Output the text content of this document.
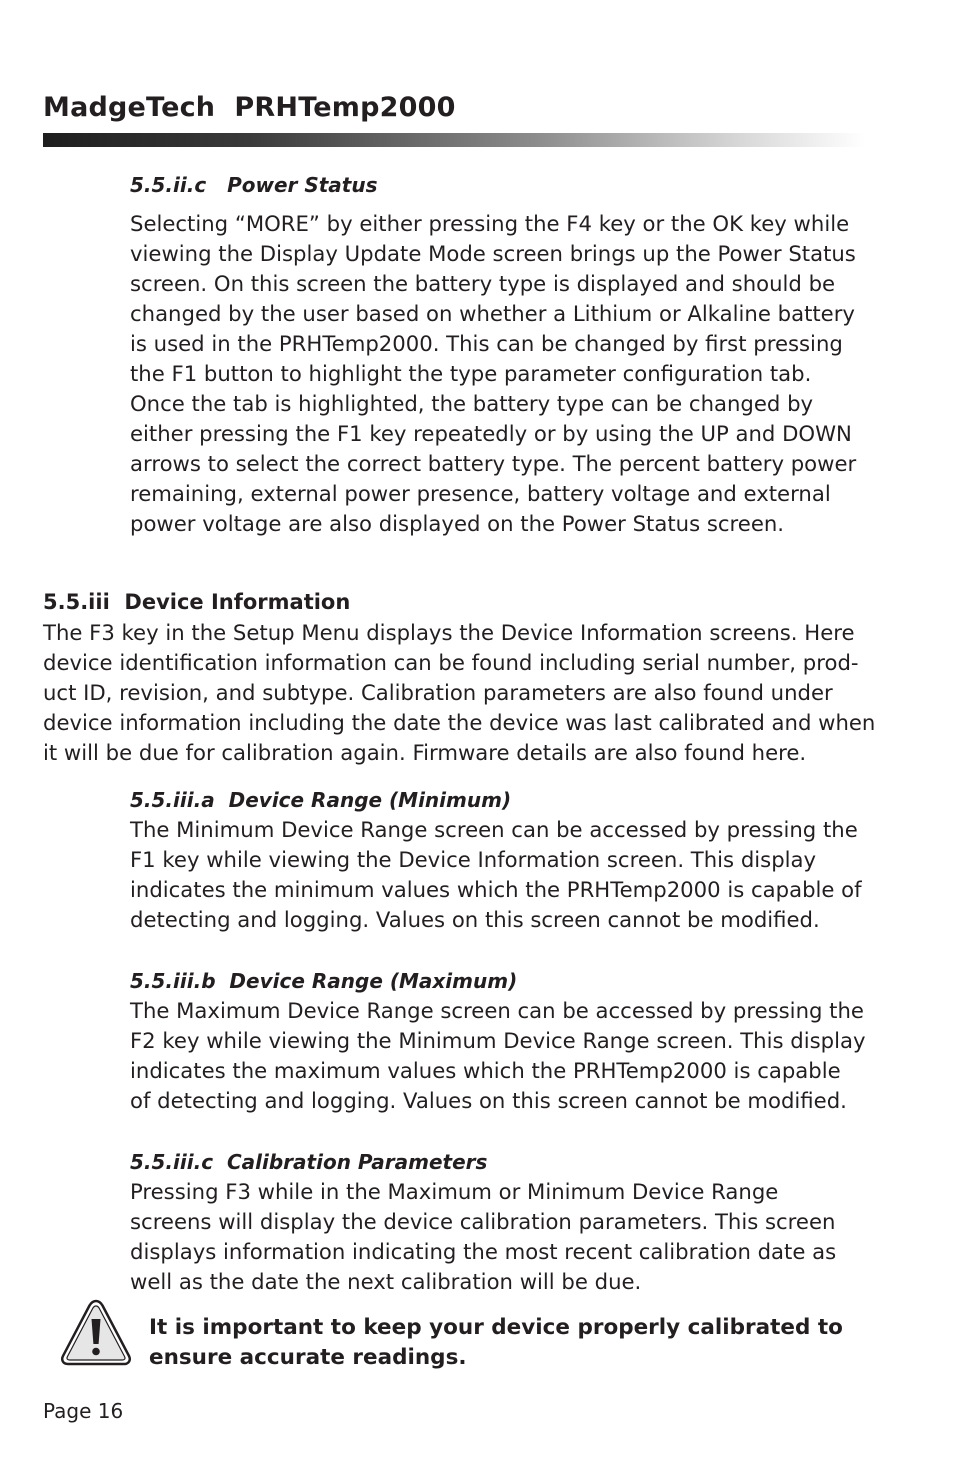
MadgeTech  PRHTemp2000
5.5.ii.c   Power Status

Selecting “MORE” by either pressing the F4 key or the OK key while
viewing the Display Update Mode screen brings up the Power Status
screen. On this screen the battery type is displayed and should be
changed by the user based on whether a Lithium or Alkaline battery
is used in the PRHTemp2000. This can be changed by first pressing
the F1 button to highlight the type parameter configuration tab.
Once the tab is highlighted, the battery type can be changed by
either pressing the F1 key repeatedly or by using the UP and DOWN
arrows to select the correct battery type. The percent battery power
remaining, external power presence, battery voltage and external
power voltage are also displayed on the Power Status screen.

5.5.iii  Device Information

The F3 key in the Setup Menu displays the Device Information screens. Here
device identification information can be found including serial number, prod-
uct ID, revision, and subtype. Calibration parameters are also found under
device information including the date the device was last calibrated and when
it will be due for calibration again. Firmware details are also found here.

5.5.iii.a  Device Range (Minimum)

The Minimum Device Range screen can be accessed by pressing the
F1 key while viewing the Device Information screen. This display
indicates the minimum values which the PRHTemp2000 is capable of
detecting and logging. Values on this screen cannot be modified.

5.5.iii.b  Device Range (Maximum)

The Maximum Device Range screen can be accessed by pressing the
F2 key while viewing the Minimum Device Range screen. This display
indicates the maximum values which the PRHTemp2000 is capable
of detecting and logging. Values on this screen cannot be modified.

5.5.iii.c  Calibration Parameters

Pressing F3 while in the Maximum or Minimum Device Range
screens will display the device calibration parameters. This screen
displays information indicating the most recent calibration date as
well as the date the next calibration will be due.

It is important to keep your device properly calibrated to
ensure accurate readings.

Page 16
